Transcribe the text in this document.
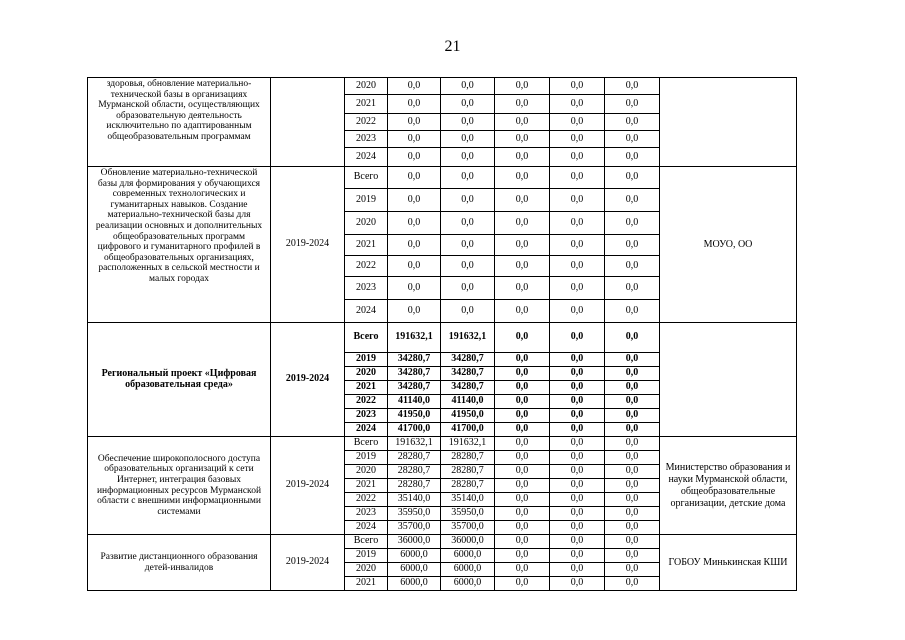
21
здоровья, обновление материально-технической базы в организациях Мурманской области, осуществляющих образовательную деятельность исключительно по адаптированным общеобразовательным программам		2020	0,0	0,0	0,0	0,0	0,0	
		2021	0,0	0,0	0,0	0,0	0,0	
		2022	0,0	0,0	0,0	0,0	0,0	
		2023	0,0	0,0	0,0	0,0	0,0	
		2024	0,0	0,0	0,0	0,0	0,0	
Обновление материально-технической базы для формирования у обучающихся современных технологических и гуманитарных навыков. Создание материально-технической базы для реализации основных и дополнительных общеобразовательных программ цифрового и гуманитарного профилей в общеобразовательных организациях, расположенных в сельской местности и малых городах	2019-2024	Всего	0,0	0,0	0,0	0,0	0,0	МОУО, ОО
		2019	0,0	0,0	0,0	0,0	0,0	
		2020	0,0	0,0	0,0	0,0	0,0	
		2021	0,0	0,0	0,0	0,0	0,0	
		2022	0,0	0,0	0,0	0,0	0,0	
		2023	0,0	0,0	0,0	0,0	0,0	
		2024	0,0	0,0	0,0	0,0	0,0	
Региональный проект «Цифровая образовательная среда»	2019-2024	Всего	191632,1	191632,1	0,0	0,0	0,0	
		2019	34280,7	34280,7	0,0	0,0	0,0	
		2020	34280,7	34280,7	0,0	0,0	0,0	
		2021	34280,7	34280,7	0,0	0,0	0,0	
		2022	41140,0	41140,0	0,0	0,0	0,0	
		2023	41950,0	41950,0	0,0	0,0	0,0	
		2024	41700,0	41700,0	0,0	0,0	0,0	
Обеспечение широкополосного доступа образовательных организаций к сети Интернет, интеграция базовых информационных ресурсов Мурманской области с внешними информационными системами	2019-2024	Всего	191632,1	191632,1	0,0	0,0	0,0	Министерство образования и науки Мурманской области, общеобразовательные организации, детские дома
		2019	28280,7	28280,7	0,0	0,0	0,0	
		2020	28280,7	28280,7	0,0	0,0	0,0	
		2021	28280,7	28280,7	0,0	0,0	0,0	
		2022	35140,0	35140,0	0,0	0,0	0,0	
		2023	35950,0	35950,0	0,0	0,0	0,0	
		2024	35700,0	35700,0	0,0	0,0	0,0	
Развитие дистанционного образования детей-инвалидов	2019-2024	Всего	36000,0	36000,0	0,0	0,0	0,0	ГОБОУ Минькинская КШИ
		2019	6000,0	6000,0	0,0	0,0	0,0	
		2020	6000,0	6000,0	0,0	0,0	0,0	
		2021	6000,0	6000,0	0,0	0,0	0,0	
